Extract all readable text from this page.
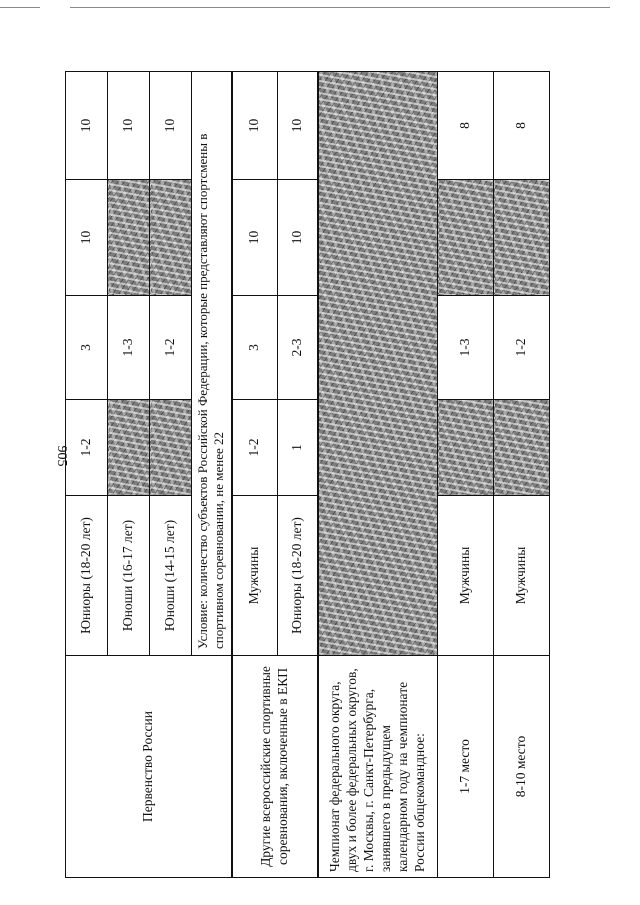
905
Первенство России	Юниоры (18-20 лет)	1-2	3	10	10
	Юноши (16-17 лет)		1-3		10
	Юноши (14-15 лет)		1-2		10
	Условие: количество субъектов Российской Федерации, которые представляют спортсмены в спортивном соревновании, не менее 22				
Другие всероссийские спортивные соревнования, включенные в ЕКП	Мужчины	1-2	3	10	10
	Юниоры (18-20 лет)	1	2-3	10	10
Чемпионат федерального округа, двух и более федеральных округов, г. Москвы, г. Санкт-Петербурга, занявшего в предыдущем календарном году на чемпионате России общекомандное:					
1-7 место	Мужчины		1-3		8
8-10 место	Мужчины		1-2		8
